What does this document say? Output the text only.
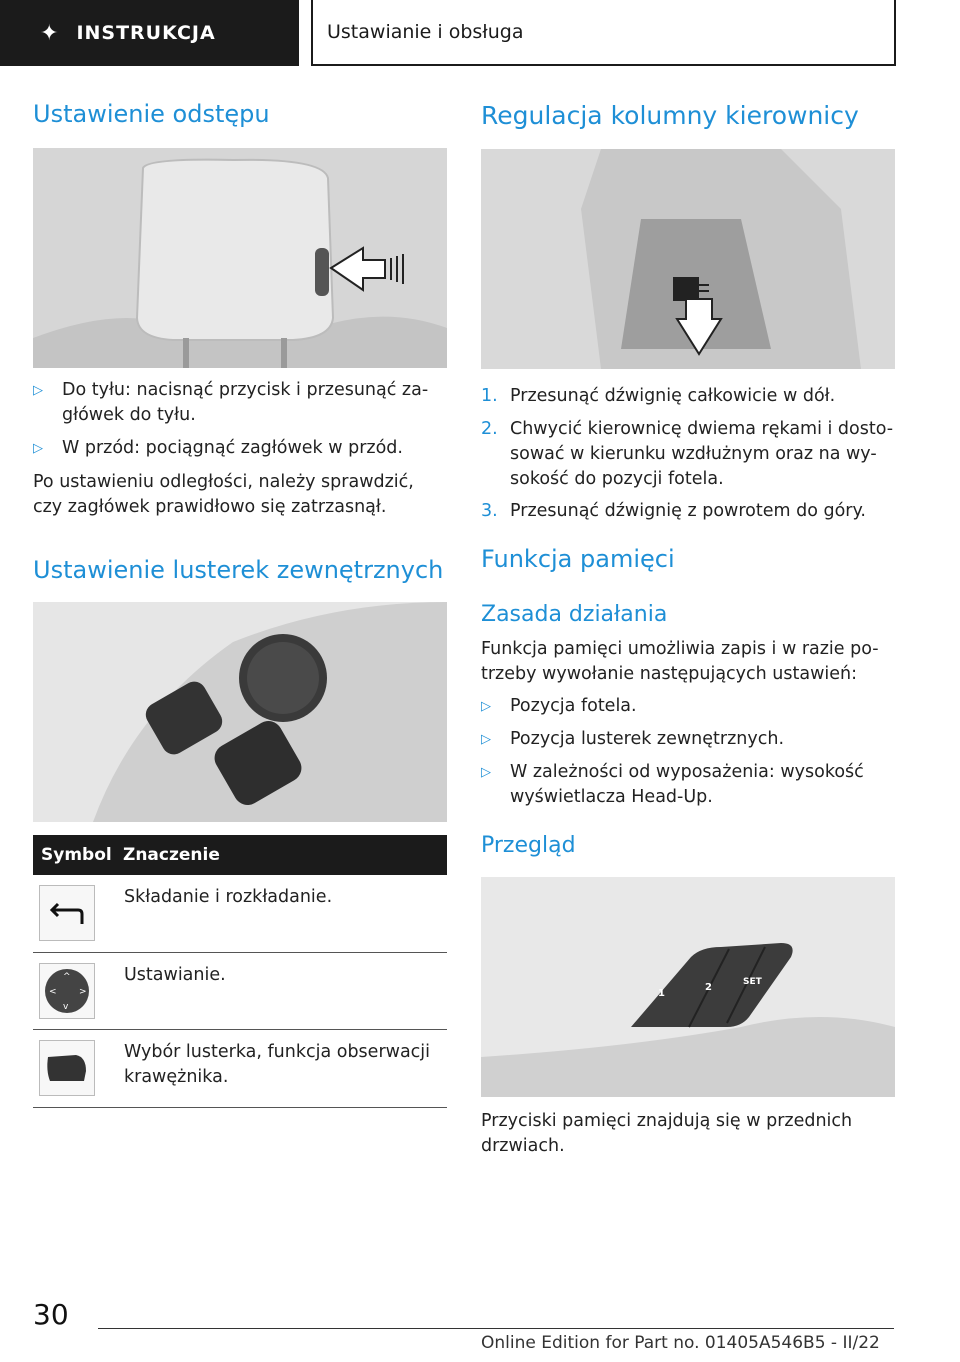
✦ INSTRUKCJA	Ustawianie i obsługa
Ustawienie odstępu
▷ Do tyłu: nacisnąć przycisk i przesunąć za-
główek do tyłu.
▷ W przód: pociągnąć zagłówek w przód.
Po ustawieniu odległości, należy sprawdzić,
czy zagłówek prawidłowo się zatrzasnął.
Ustawienie lusterek zewnętrznych
Symbol Znaczenie
Składanie i rozkładanie.
^
v
< >
Ustawianie.
Wybór lusterka, funkcja obserwacji
krawężnika.
Regulacja kolumny kierownicy
1. Przesunąć dźwignię całkowicie w dół.
2. Chwycić kierownicę dwiema rękami i dosto-
sować w kierunku wzdłużnym oraz na wy-
sokość do pozycji fotela.
3. Przesunąć dźwignię z powrotem do góry.
Funkcja pamięci
Zasada działania
Funkcja pamięci umożliwia zapis i w razie po-
trzeby wywołanie następujących ustawień:
▷ Pozycja fotela.
▷ Pozycja lusterek zewnętrznych.
▷ W zależności od wyposażenia: wysokość
wyświetlacza Head-Up.
Przegląd
1
2	SET
Przyciski pamięci znajdują się w przednich
drzwiach.
30
Online Edition for Part no. 01405A546B5 - II/22
